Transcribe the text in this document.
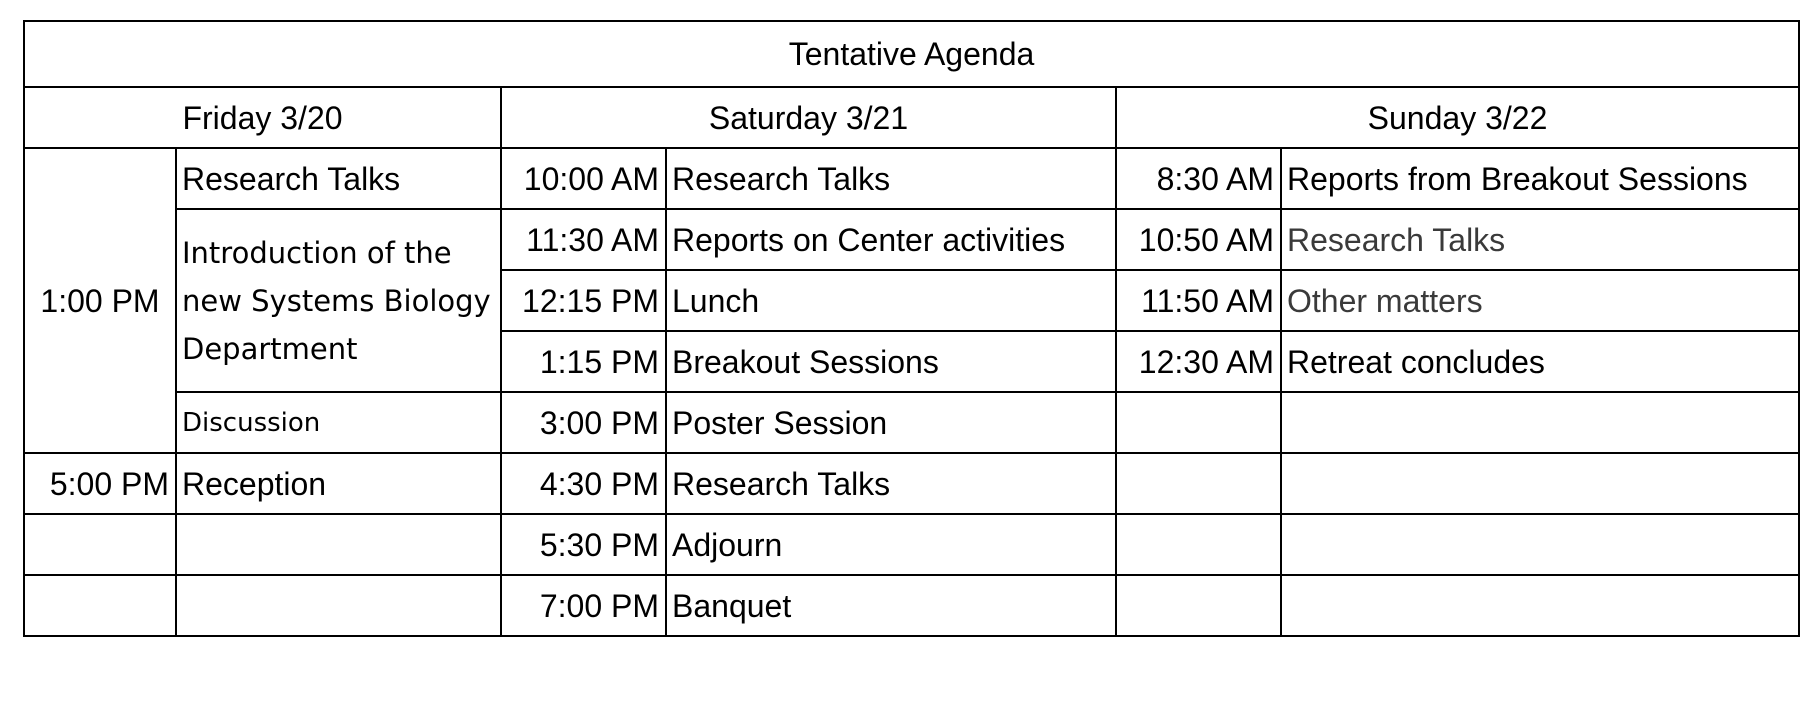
Tentative Agenda					
Friday 3/20		Saturday 3/21		Sunday 3/22	
1:00 PM	Research Talks	10:00 AM	Research Talks	8:30 AM	Reports from Breakout Sessions
	Introduction of the new Systems Biology Department	11:30 AM	Reports on Center activities	10:50 AM	Research Talks
		12:15 PM	Lunch	11:50 AM	Other matters
		1:15 PM	Breakout Sessions	12:30 AM	Retreat concludes
	Discussion	3:00 PM	Poster Session		
5:00 PM	Reception	4:30 PM	Research Talks		
		5:30 PM	Adjourn		
		7:00 PM	Banquet		
